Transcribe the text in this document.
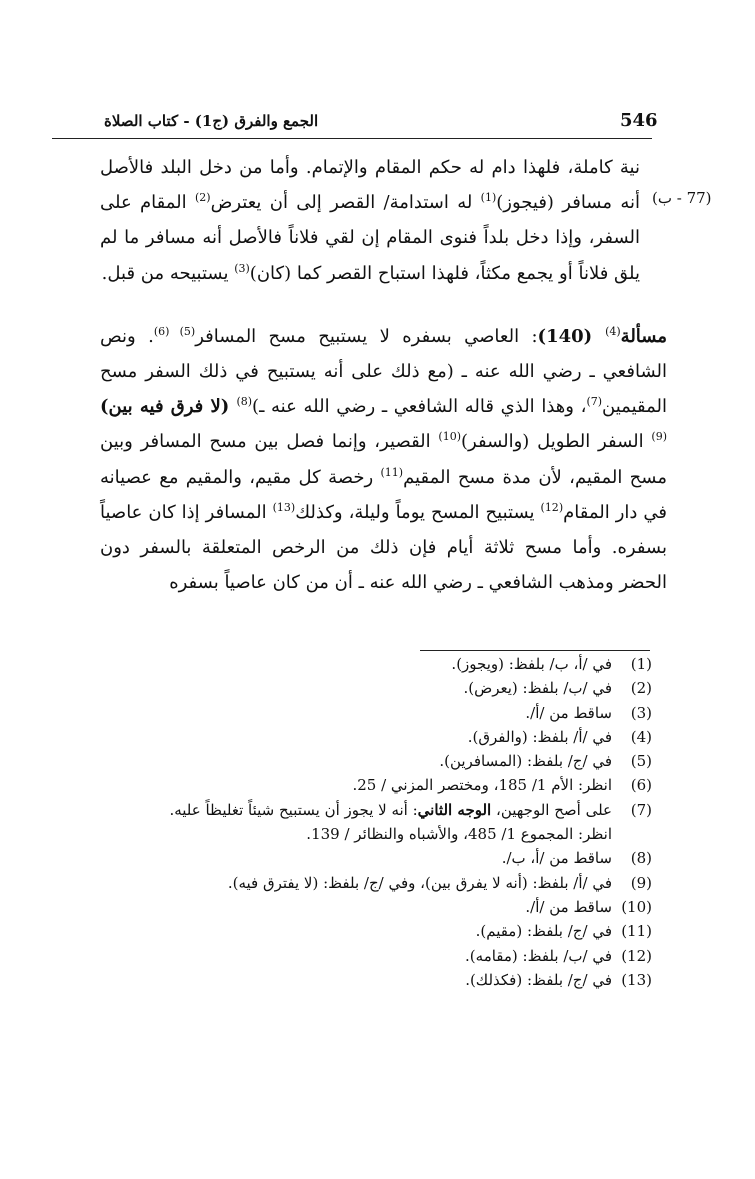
546
الجمع والفرق (ج1) - كتاب الصلاة
(77 - ب)

نية كاملة، فلهذا دام له حكم المقام والإتمام. وأما من دخل البلد فالأصل أنه مسافر (فيجوز)$^{(1)}$ له استدامة/ القصر إلى أن يعترض$^{(2)}$ المقام على السفر، وإذا دخل بلداً فنوى المقام إن لقي فلاناً فالأصل أنه مسافر ما لم يلق فلاناً أو يجمع مكثاً، فلهذا استباح القصر كما (كان)$^{(3)}$ يستبيحه من قبل.

مسألة$^{(4)}$ (140): العاصي بسفره لا يستبيح مسح المسافر$^{(5)}$ $^{(6)}$. ونص الشافعي ـ رضي الله عنه ـ (مع ذلك على أنه يستبيح في ذلك السفر مسح المقيمين$^{(7)}$، وهذا الذي قاله الشافعي ـ رضي الله عنه ـ)$^{(8)}$ (لا فرق فيه بين)$^{(9)}$ السفر الطويل (والسفر)$^{(10)}$ القصير، وإنما فصل بين مسح المسافر وبين مسح المقيم، لأن مدة مسح المقيم$^{(11)}$ رخصة كل مقيم، والمقيم مع عصيانه في دار المقام$^{(12)}$ يستبيح المسح يوماً وليلة، وكذلك$^{(13)}$ المسافر إذا كان عاصياً بسفره. وأما مسح ثلاثة أيام فإن ذلك من الرخص المتعلقة بالسفر دون الحضر ومذهب الشافعي ـ رضي الله عنه ـ أن من كان عاصياً بسفره

(1)
في /أ، ب/ بلفظ: (ويجوز).
(2)
في /ب/ بلفظ: (يعرض).
(3)
ساقط من /أ/.
(4)
في /أ/ بلفظ: (والفرق).
(5)
في /ج/ بلفظ: (المسافرين).
(6)
انظر: الأم 1/ 185، ومختصر المزني / 25.
(7)
على أصح الوجهين، الوجه الثاني: أنه لا يجوز أن يستبيح شيئاً تغليظاً عليه.
انظر: المجموع 1/ 485، والأشباه والنظائر / 139.
(8)
ساقط من /أ، ب/.
(9)
في /أ/ بلفظ: (أنه لا يفرق بين)، وفي /ج/ بلفظ: (لا يفترق فيه).
(10)
ساقط من /أ/.
(11)
في /ج/ بلفظ: (مقيم).
(12)
في /ب/ بلفظ: (مقامه).
(13)
في /ج/ بلفظ: (فكذلك).
